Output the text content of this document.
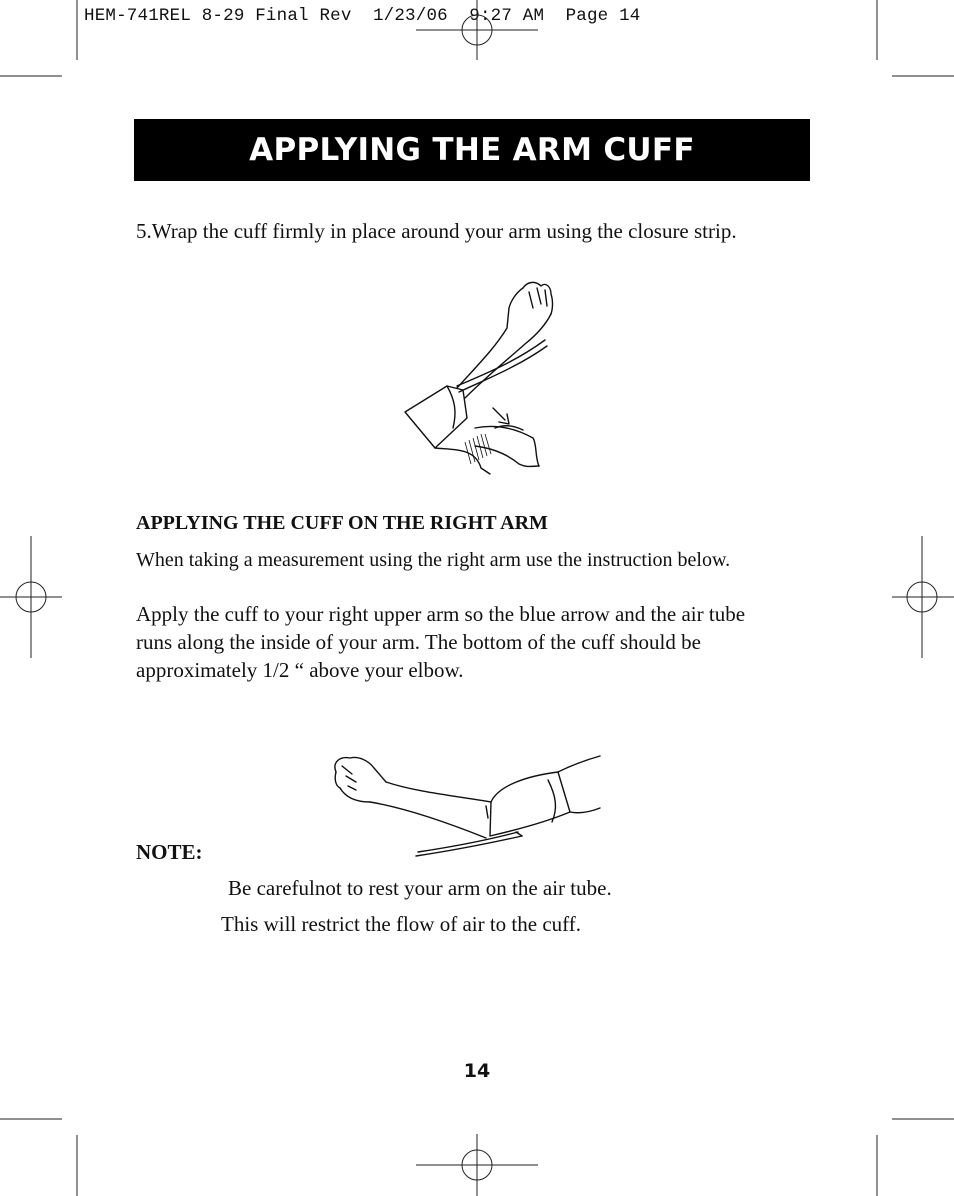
HEM-741REL 8-29 Final Rev  1/23/06  9:27 AM  Page 14
APPLYING THE ARM CUFF
5.Wrap the cuff firmly in place around your arm using the closure strip.
APPLYING THE CUFF ON THE RIGHT ARM
When taking a measurement using the right arm use the instruction below.
Apply the cuff to your right upper arm so the blue arrow and the air tube
runs along the inside of your arm. The bottom of the cuff should be
approximately 1/2 “ above your elbow.
NOTE:
Be carefulnot to rest your arm on the air tube.
This will restrict the flow of air to the cuff.
14
